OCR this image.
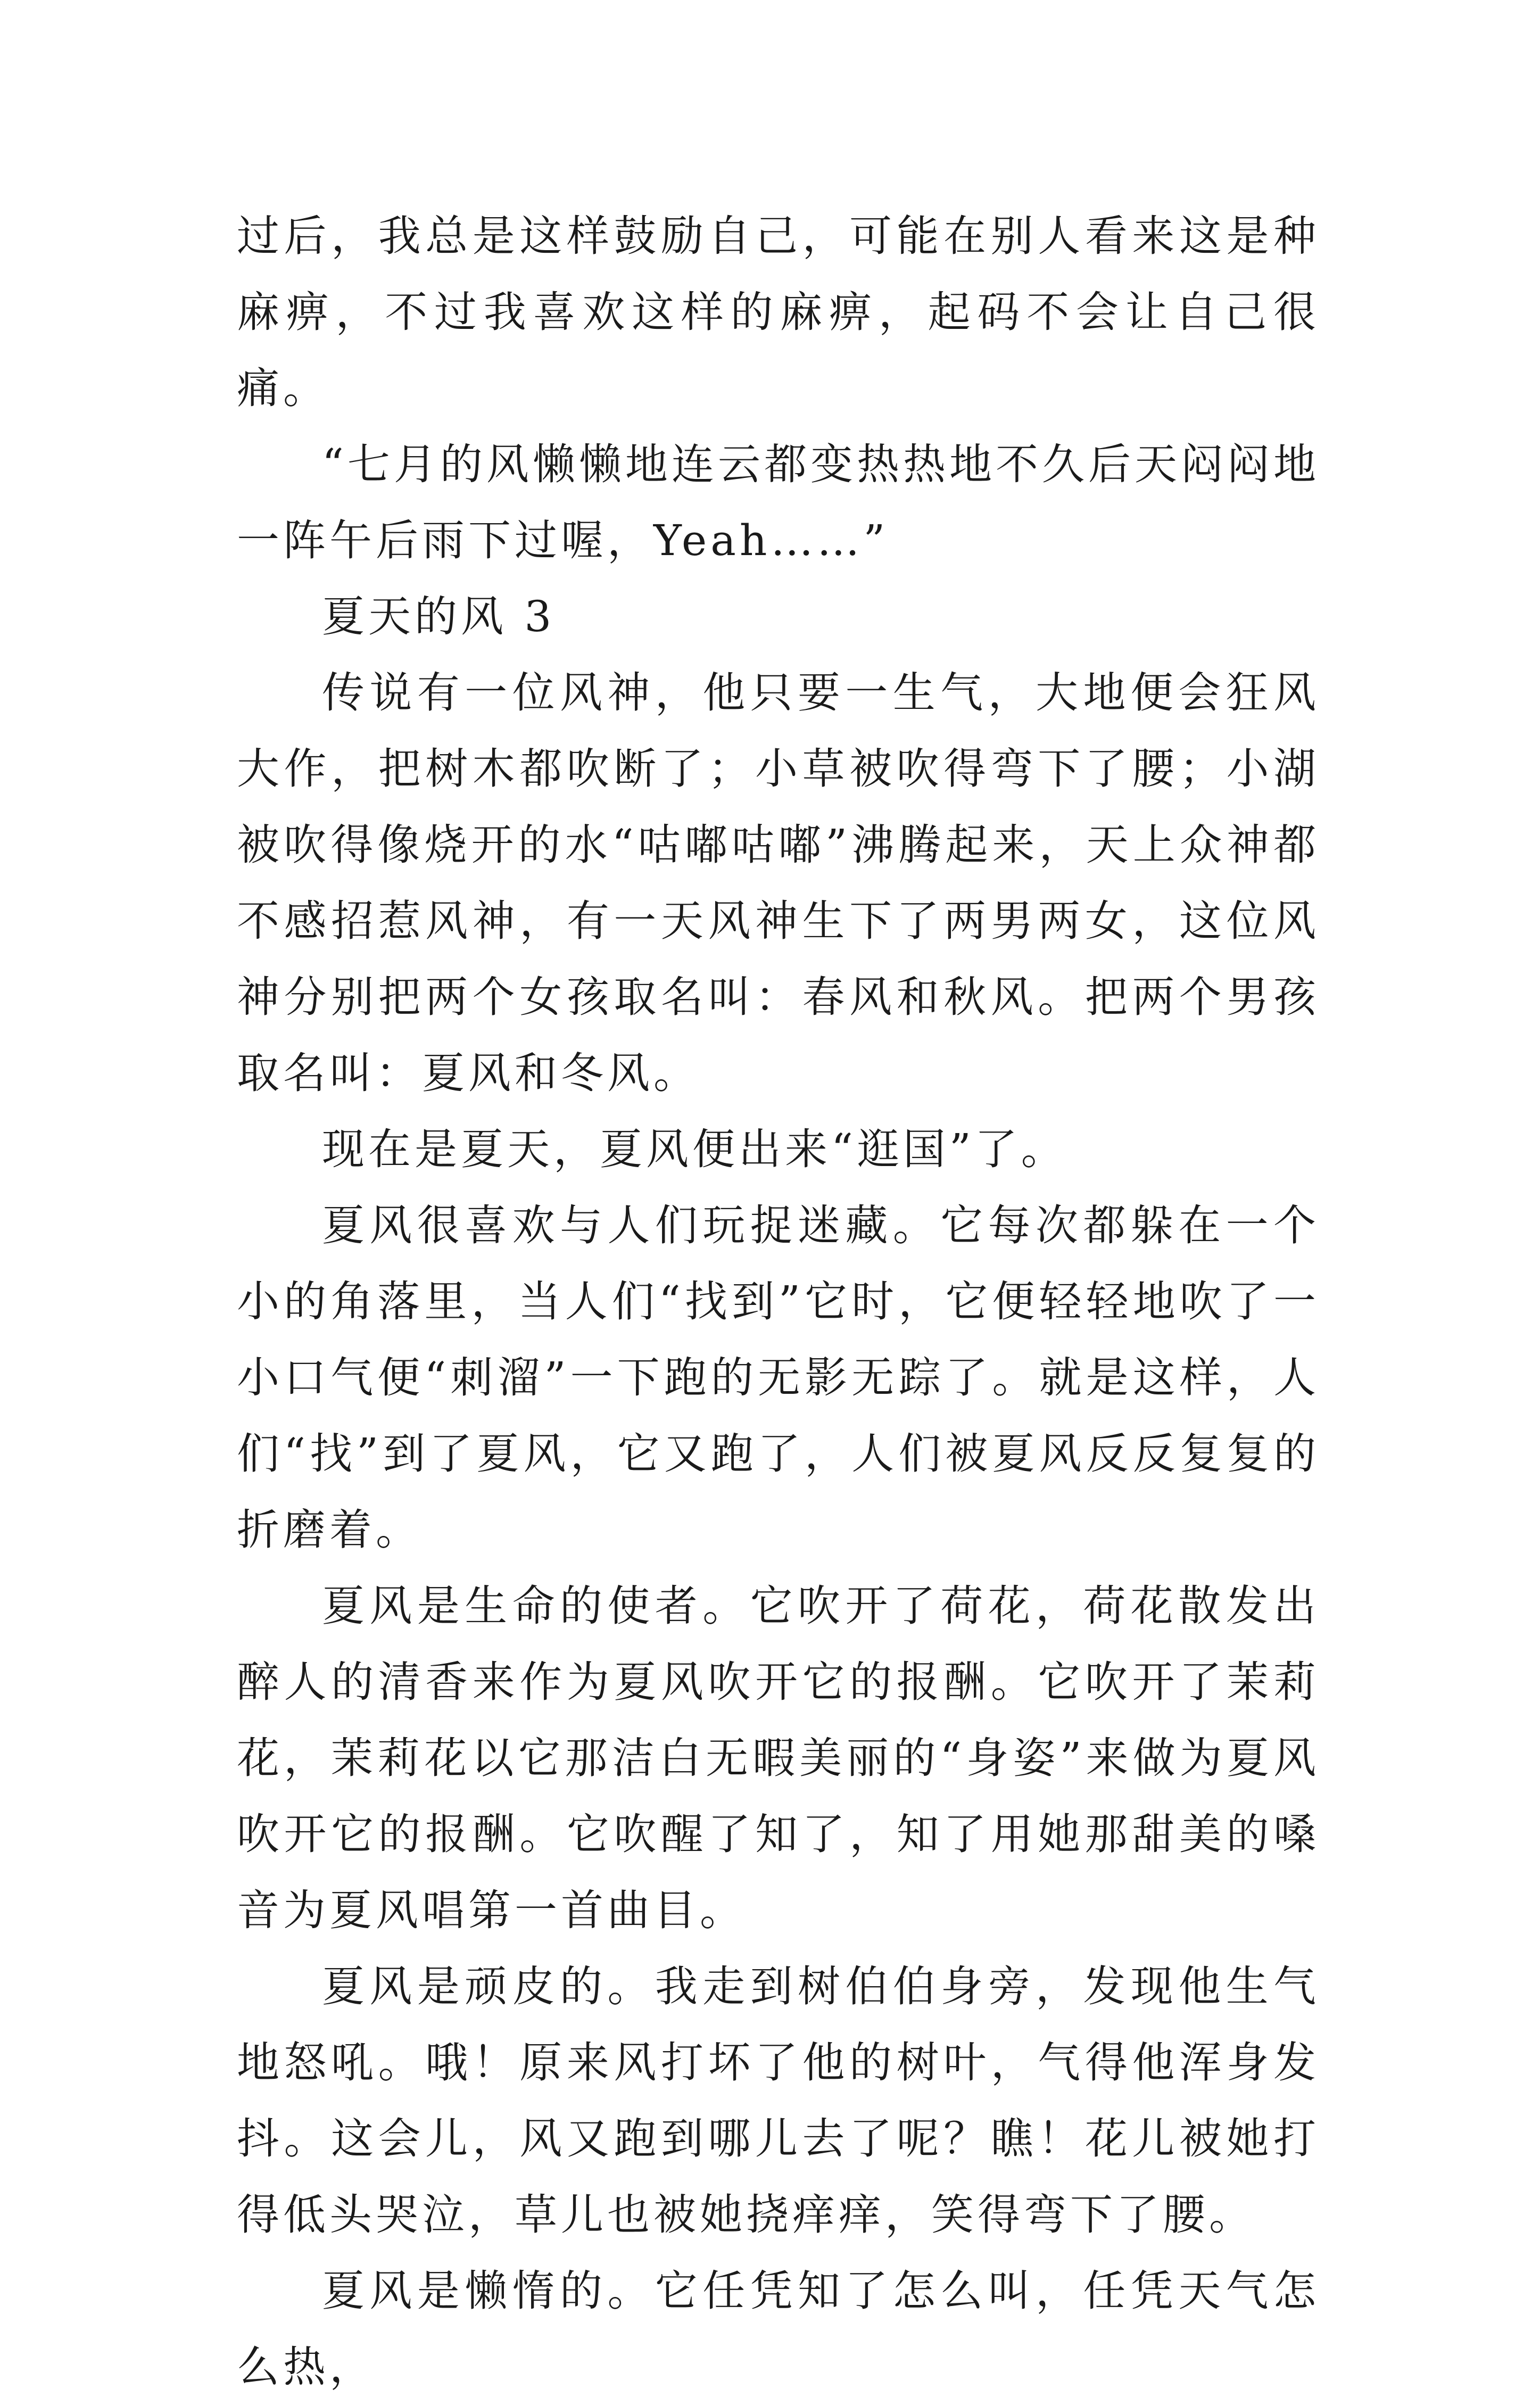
过后，我总是这样鼓励自己，可能在别人看来这是种麻痹，不过我喜欢这样的麻痹，起码不会让自己很痛。

“七月的风懒懒地连云都变热热地不久后天闷闷地一阵午后雨下过喔，Yeah……”

夏天的风 3

传说有一位风神，他只要一生气，大地便会狂风大作，把树木都吹断了；小草被吹得弯下了腰；小湖被吹得像烧开的水“咕嘟咕嘟”沸腾起来，天上众神都不感招惹风神，有一天风神生下了两男两女，这位风神分别把两个女孩取名叫：春风和秋风。把两个男孩取名叫：夏风和冬风。

现在是夏天，夏风便出来“逛国”了。

夏风很喜欢与人们玩捉迷藏。它每次都躲在一个小的角落里，当人们“找到”它时，它便轻轻地吹了一小口气便“刺溜”一下跑的无影无踪了。就是这样，人们“找”到了夏风，它又跑了，人们被夏风反反复复的折磨着。

夏风是生命的使者。它吹开了荷花，荷花散发出醉人的清香来作为夏风吹开它的报酬。它吹开了茉莉花，茉莉花以它那洁白无暇美丽的“身姿”来做为夏风吹开它的报酬。它吹醒了知了，知了用她那甜美的嗓音为夏风唱第一首曲目。

夏风是顽皮的。我走到树伯伯身旁，发现他生气地怒吼。哦！原来风打坏了他的树叶，气得他浑身发抖。这会儿，风又跑到哪儿去了呢？瞧！花儿被她打得低头哭泣，草儿也被她挠痒痒，笑得弯下了腰。

夏风是懒惰的。它任凭知了怎么叫，任凭天气怎么热，
